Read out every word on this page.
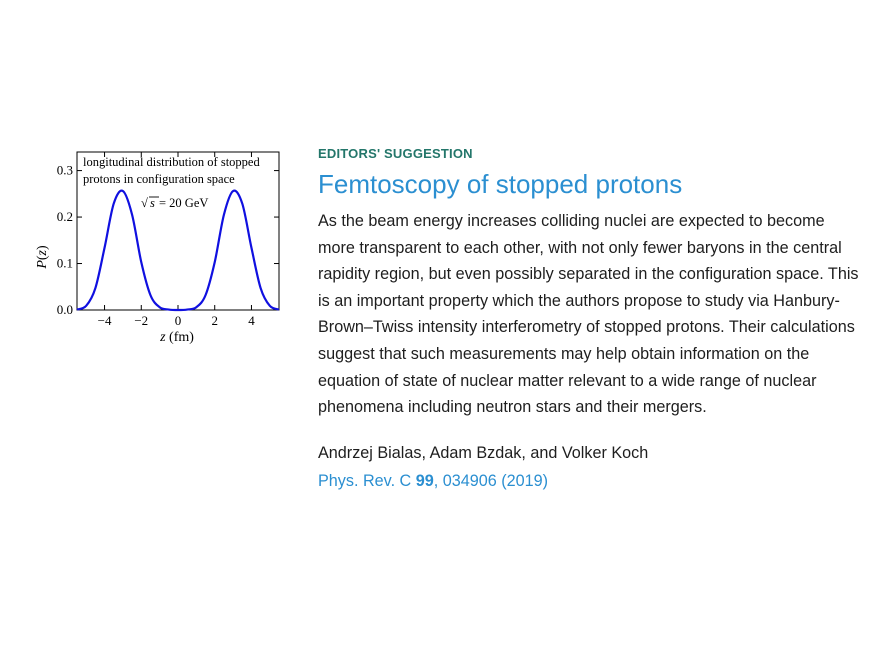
−4 −2 0 2 4
0.0
0.1
0.2
0.3
longitudinal distribution of stopped
protons in configuration space
√ s = 20 GeV
P(z)
z (fm)
EDITORS' SUGGESTION
Femtoscopy of stopped protons

As the beam energy increases colliding nuclei are expected to become more transparent to each other, with not only fewer baryons in the central rapidity region, but even possibly separated in the configuration space. This is an important property which the authors propose to study via Hanbury-Brown–Twiss intensity interferometry of stopped protons. Their calculations suggest that such measurements may help obtain information on the equation of state of nuclear matter relevant to a wide range of nuclear phenomena including neutron stars and their mergers.

Andrzej Bialas, Adam Bzdak, and Volker Koch
Phys. Rev. C 99, 034906 (2019)
